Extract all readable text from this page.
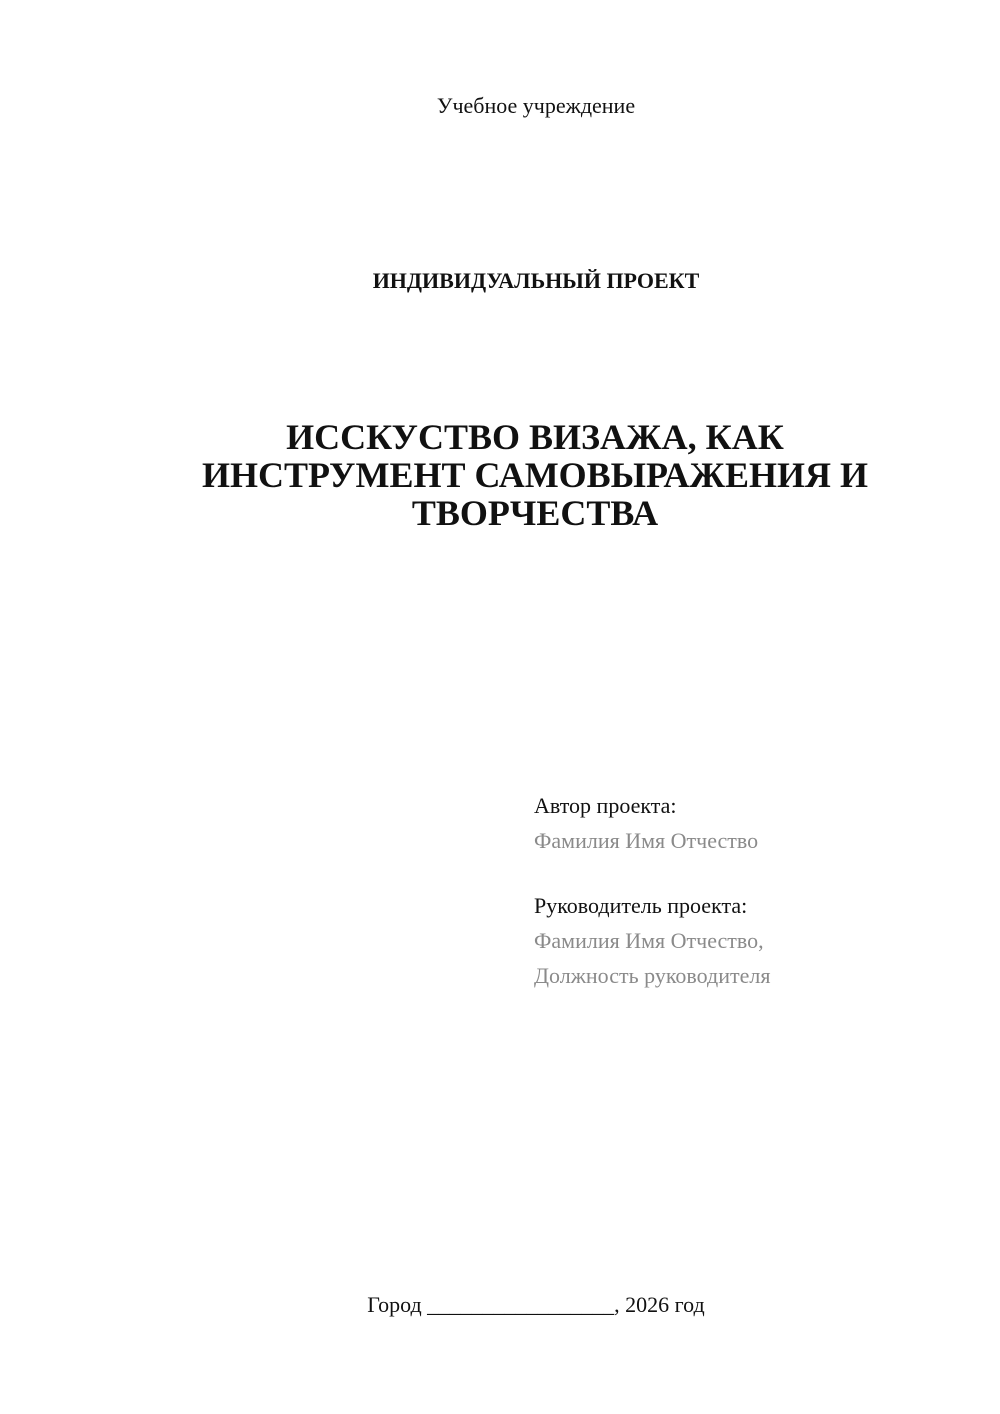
Учебное учреждение
ИНДИВИДУАЛЬНЫЙ ПРОЕКТ
ИССКУСТВО ВИЗАЖА, КАК
ИНСТРУМЕНТ САМОВЫРАЖЕНИЯ И
ТВОРЧЕСТВА
Автор проекта:
Фамилия Имя Отчество
Руководитель проекта:
Фамилия Имя Отчество,
Должность руководителя
Город _________________, 2026 год
